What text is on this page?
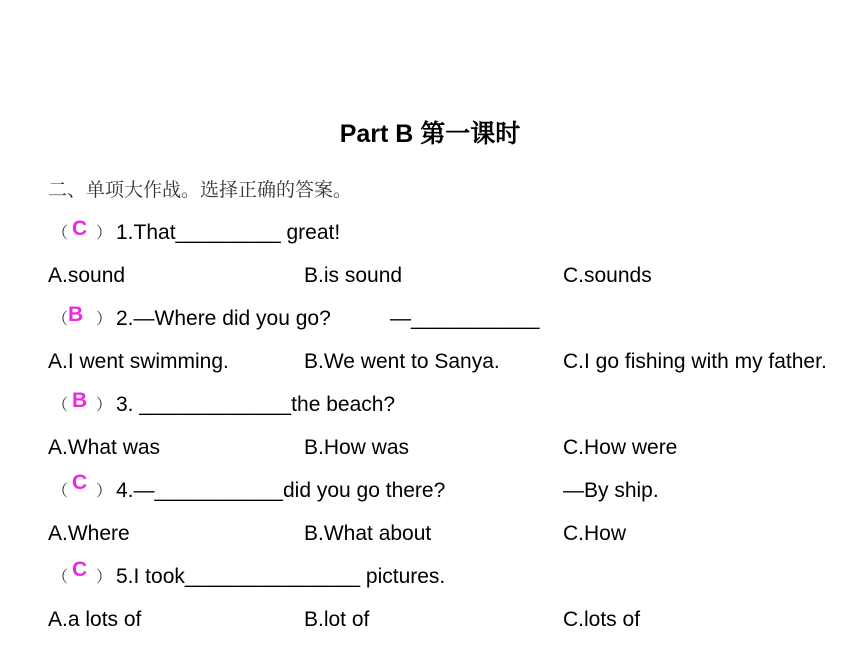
Part B 第一课时
二、单项大作战。选择正确的答案。
（ C ） 1.That_________ great!
A.sound	B.is sound	C.sounds
（ B ） 2.—Where did you go?	—___________
A.I went swimming.	B.We went to Sanya.	C.I go fishing with my father.
（ B ） 3. _____________the beach?
A.What was	B.How was	C.How were
（ C ） 4.—___________did you go there?	—By ship.
A.Where	B.What about	C.How
（ C ） 5.I took_______________ pictures.
A.a lots of	B.lot of	C.lots of
